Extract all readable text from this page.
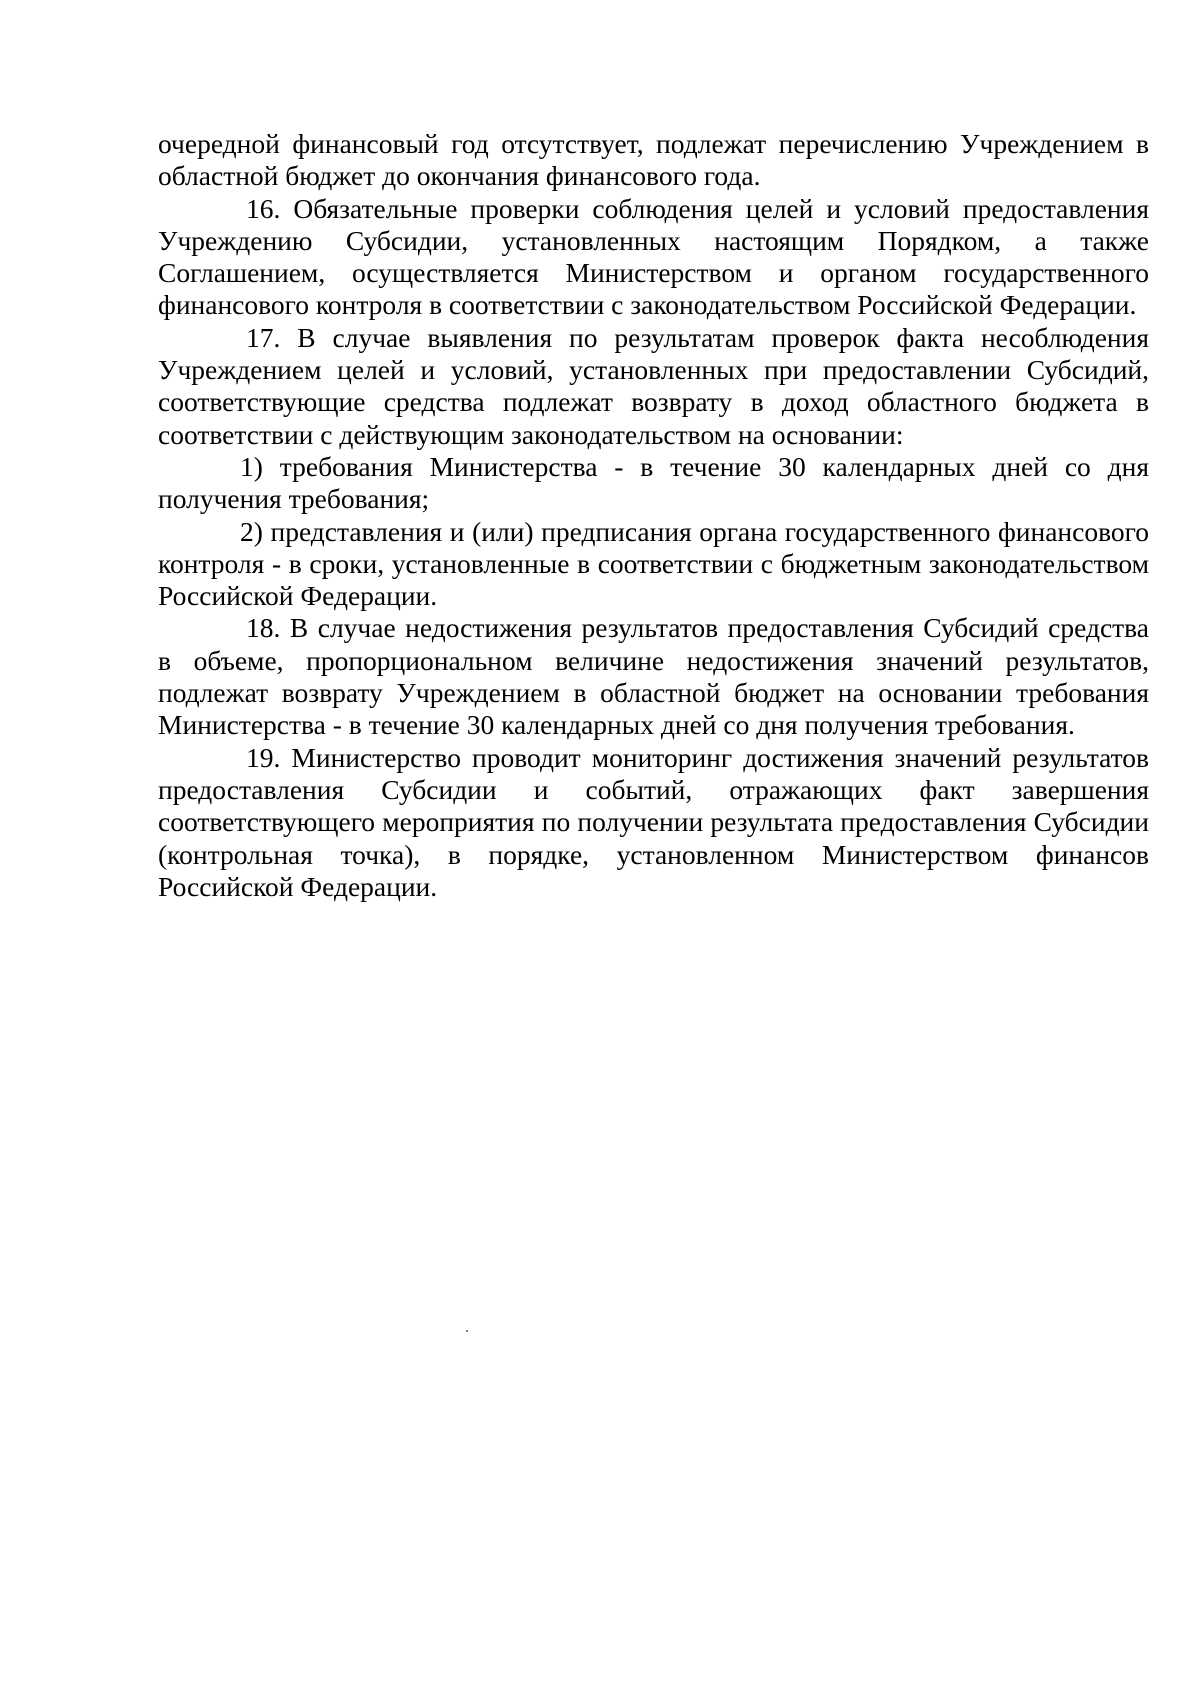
очередной финансовый год отсутствует, подлежат перечислению Учреждением в областной бюджет до окончания финансового года.

16. Обязательные проверки соблюдения целей и условий предоставления Учреждению Субсидии, установленных настоящим Порядком, а также Соглашением, осуществляется Министерством и органом государственного финансового контроля в соответствии с законодательством Российской Федерации.

17. В случае выявления по результатам проверок факта несоблюдения Учреждением целей и условий, установленных при предоставлении Субсидий, соответствующие средства подлежат возврату в доход областного бюджета в соответствии с действующим законодательством на основании:

1) требования Министерства - в течение 30 календарных дней со дня получения требования;

2) представления и (или) предписания органа государственного финансового контроля - в сроки, установленные в соответствии с бюджетным законодательством Российской Федерации.

18. В случае недостижения результатов предоставления Субсидий средства в объеме, пропорциональном величине недостижения значений результатов, подлежат возврату Учреждением в областной бюджет на основании требования Министерства - в течение 30 календарных дней со дня получения требования.

19. Министерство проводит мониторинг достижения значений результатов предоставления Субсидии и событий, отражающих факт завершения соответствующего мероприятия по получении результата предоставления Субсидии (контрольная точка), в порядке, установленном Министерством финансов Российской Федерации.
